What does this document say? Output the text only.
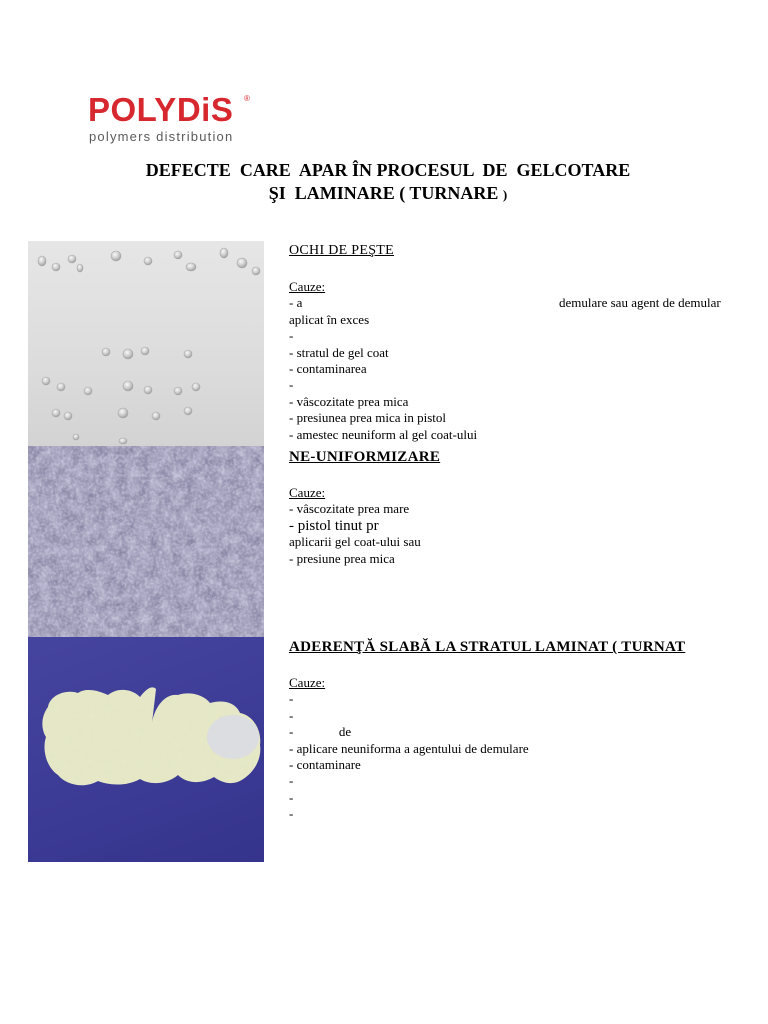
POLYDiS ®
polymers distribution
DEFECTE  CARE  APAR ÎN PROCESUL  DE  GELCOTARE
ŞI  LAMINARE ( TURNARE )
OCHI DE PEŞTE
Cauze:
- a	demulare sau agent de demular
aplicat în exces
-
- stratul de gel coat
- contaminarea
-
- vâscozitate prea mica
- presiunea prea mica in pistol
- amestec neuniform al gel coat-ului
NE-UNIFORMIZARE
Cauze:
- vâscozitate prea mare
- pistol tinut pr
aplicarii gel coat-ului sau
- presiune prea mica
ADERENŢĂ SLABĂ LA STRATUL LAMINAT ( TURNAT
Cauze:
-
-
-              de
- aplicare neuniforma a agentului de demulare
- contaminare
-
-
-
